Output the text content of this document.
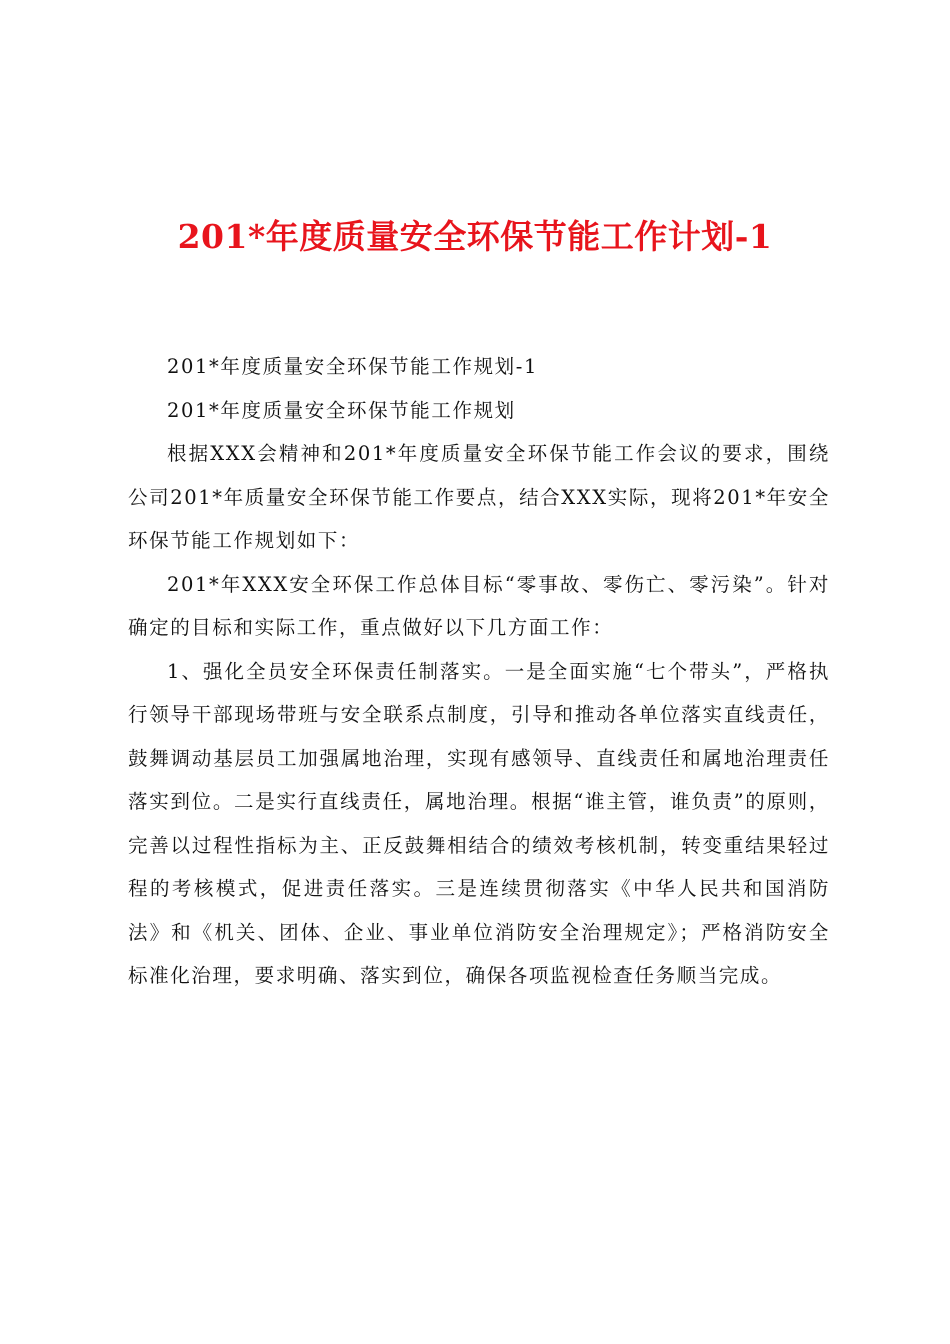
201*年度质量安全环保节能工作计划-1

201*年度质量安全环保节能工作规划-1

201*年度质量安全环保节能工作规划

根据XXX会精神和201*年度质量安全环保节能工作会议的要求，围绕公司201*年质量安全环保节能工作要点，结合XXX实际，现将201*年安全环保节能工作规划如下：

201*年XXX安全环保工作总体目标“零事故、零伤亡、零污染”。针对确定的目标和实际工作，重点做好以下几方面工作：

1、强化全员安全环保责任制落实。一是全面实施“七个带头”，严格执行领导干部现场带班与安全联系点制度，引导和推动各单位落实直线责任，鼓舞调动基层员工加强属地治理，实现有感领导、直线责任和属地治理责任落实到位。二是实行直线责任，属地治理。根据“谁主管，谁负责”的原则，完善以过程性指标为主、正反鼓舞相结合的绩效考核机制，转变重结果轻过程的考核模式，促进责任落实。三是连续贯彻落实《中华人民共和国消防法》和《机关、团体、企业、事业单位消防安全治理规定》；严格消防安全标准化治理，要求明确、落实到位，确保各项监视检查任务顺当完成。
